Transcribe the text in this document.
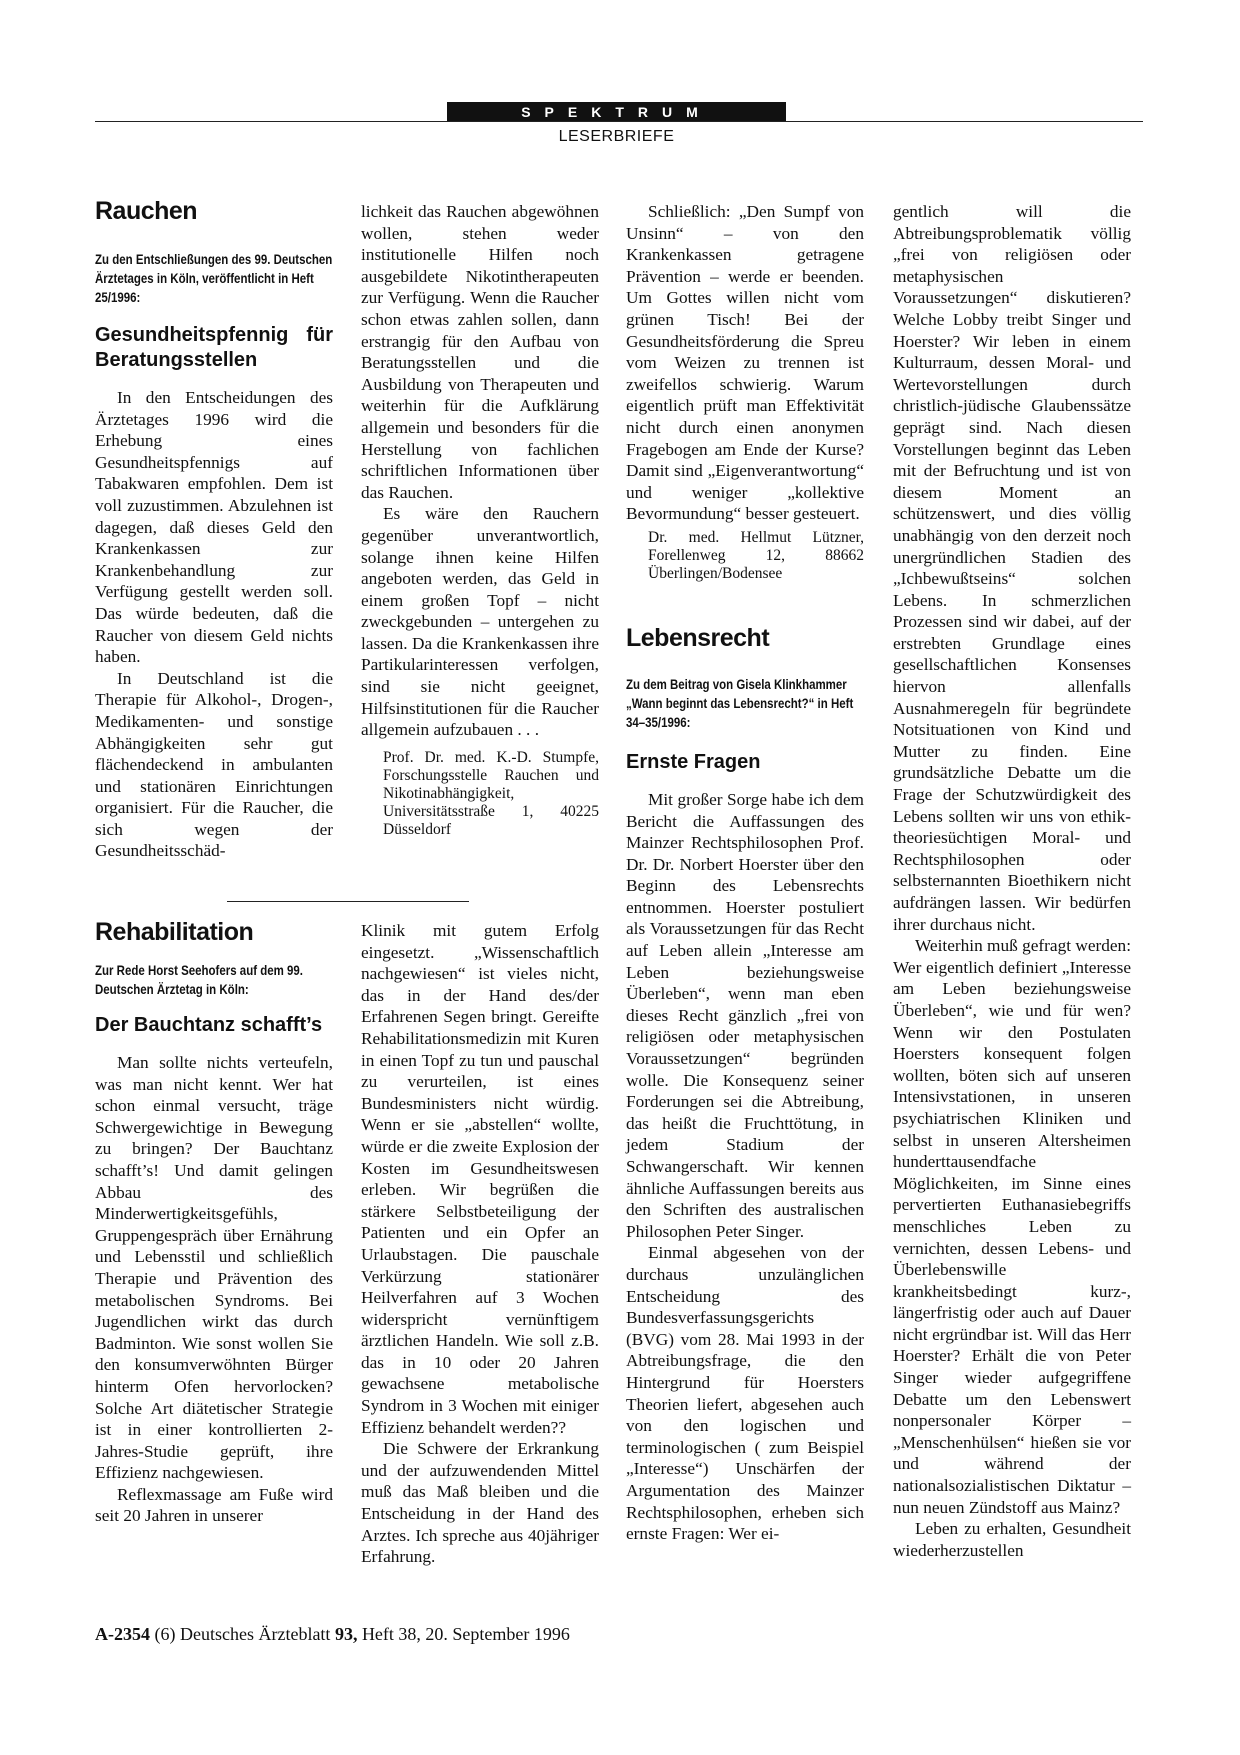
SPEKTRUM
LESERBRIEFE
Rauchen
Zu den Entschließungen des 99. Deutschen Ärztetages in Köln, veröffentlicht in Heft 25/1996:
Gesundheitspfennig für Beratungsstellen

In den Entscheidungen des Ärztetages 1996 wird die Erhebung eines Gesundheitspfennigs auf Tabakwaren empfohlen. Dem ist voll zuzustimmen. Abzulehnen ist dagegen, daß dieses Geld den Krankenkassen zur Krankenbehandlung zur Verfügung gestellt werden soll. Das würde bedeuten, daß die Raucher von diesem Geld nichts haben.

In Deutschland ist die Therapie für Alkohol-, Drogen-, Medikamenten- und sonstige Abhängigkeiten sehr gut flächendeckend in ambulanten und stationären Einrichtungen organisiert. Für die Raucher, die sich wegen der Gesundheitsschäd-

lichkeit das Rauchen abgewöhnen wollen, stehen weder institutionelle Hilfen noch ausgebildete Nikotintherapeuten zur Verfügung. Wenn die Raucher schon etwas zahlen sollen, dann erstrangig für den Aufbau von Beratungsstellen und die Ausbildung von Therapeuten und weiterhin für die Aufklärung allgemein und besonders für die Herstellung von fachlichen schriftlichen Informationen über das Rauchen.

Es wäre den Rauchern gegenüber unverantwortlich, solange ihnen keine Hilfen angeboten werden, das Geld in einem großen Topf – nicht zweckgebunden – untergehen zu lassen. Da die Krankenkassen ihre Partikularinteressen verfolgen, sind sie nicht geeignet, Hilfsinstitutionen für die Raucher allgemein aufzubauen . . .

Prof. Dr. med. K.-D. Stumpfe, Forschungsstelle Rauchen und Nikotinabhängigkeit, Universitätsstraße 1, 40225 Düsseldorf
Rehabilitation
Zur Rede Horst Seehofers auf dem 99. Deutschen Ärztetag in Köln:
Der Bauchtanz schafft’s

Man sollte nichts verteufeln, was man nicht kennt. Wer hat schon einmal versucht, träge Schwergewichtige in Bewegung zu bringen? Der Bauchtanz schafft’s! Und damit gelingen Abbau des Minderwertigkeitsgefühls, Gruppengespräch über Ernährung und Lebensstil und schließlich Therapie und Prävention des metabolischen Syndroms. Bei Jugendlichen wirkt das durch Badminton. Wie sonst wollen Sie den konsumverwöhnten Bürger hinterm Ofen hervorlocken? Solche Art diätetischer Strategie ist in einer kontrollierten 2-Jahres-Studie geprüft, ihre Effizienz nachgewiesen.

Reflexmassage am Fuße wird seit 20 Jahren in unserer

Klinik mit gutem Erfolg eingesetzt. „Wissenschaftlich nachgewiesen“ ist vieles nicht, das in der Hand des/der Erfahrenen Segen bringt. Gereifte Rehabilitationsmedizin mit Kuren in einen Topf zu tun und pauschal zu verurteilen, ist eines Bundesministers nicht würdig. Wenn er sie „abstellen“ wollte, würde er die zweite Explosion der Kosten im Gesundheitswesen erleben. Wir begrüßen die stärkere Selbstbeteiligung der Patienten und ein Opfer an Urlaubstagen. Die pauschale Verkürzung stationärer Heilverfahren auf 3 Wochen widerspricht vernünftigem ärztlichen Handeln. Wie soll z.B. das in 10 oder 20 Jahren gewachsene metabolische Syndrom in 3 Wochen mit einiger Effizienz behandelt werden??

Die Schwere der Erkrankung und der aufzuwendenden Mittel muß das Maß bleiben und die Entscheidung in der Hand des Arztes. Ich spreche aus 40jähriger Erfahrung.

Schließlich: „Den Sumpf von Unsinn“ – von den Krankenkassen getragene Prävention – werde er beenden. Um Gottes willen nicht vom grünen Tisch! Bei der Gesundheitsförderung die Spreu vom Weizen zu trennen ist zweifellos schwierig. Warum eigentlich prüft man Effektivität nicht durch einen anonymen Fragebogen am Ende der Kurse? Damit sind „Eigenverantwortung“ und weniger „kollektive Bevormundung“ besser gesteuert.

Dr. med. Hellmut Lützner, Forellenweg 12, 88662 Überlingen/Bodensee
Lebensrecht
Zu dem Beitrag von Gisela Klinkhammer „Wann beginnt das Lebensrecht?“ in Heft 34–35/1996:
Ernste Fragen

Mit großer Sorge habe ich dem Bericht die Auffassungen des Mainzer Rechtsphilosophen Prof. Dr. Dr. Norbert Hoerster über den Beginn des Lebensrechts entnommen. Hoerster postuliert als Voraussetzungen für das Recht auf Leben allein „Interesse am Leben beziehungsweise Überleben“, wenn man eben dieses Recht gänzlich „frei von religiösen oder metaphysischen Voraussetzungen“ begründen wolle. Die Konsequenz seiner Forderungen sei die Abtreibung, das heißt die Fruchttötung, in jedem Stadium der Schwangerschaft. Wir kennen ähnliche Auffassungen bereits aus den Schriften des australischen Philosophen Peter Singer.

Einmal abgesehen von der durchaus unzulänglichen Entscheidung des Bundesverfassungsgerichts (BVG) vom 28. Mai 1993 in der Abtreibungsfrage, die den Hintergrund für Hoersters Theorien liefert, abgesehen auch von den logischen und terminologischen ( zum Beispiel „Interesse“) Unschärfen der Argumentation des Mainzer Rechtsphilosophen, erheben sich ernste Fragen: Wer ei-

gentlich will die Abtreibungsproblematik völlig „frei von religiösen oder metaphysischen Voraussetzungen“ diskutieren? Welche Lobby treibt Singer und Hoerster? Wir leben in einem Kulturraum, dessen Moral- und Wertevorstellungen durch christlich-jüdische Glaubenssätze geprägt sind. Nach diesen Vorstellungen beginnt das Leben mit der Befruchtung und ist von diesem Moment an schützenswert, und dies völlig unabhängig von den derzeit noch unergründlichen Stadien des „Ichbewußtseins“ solchen Lebens. In schmerzlichen Prozessen sind wir dabei, auf der erstrebten Grundlage eines gesellschaftlichen Konsenses hiervon allenfalls Ausnahmeregeln für begründete Notsituationen von Kind und Mutter zu finden. Eine grundsätzliche Debatte um die Frage der Schutzwürdigkeit des Lebens sollten wir uns von ethik-theoriesüchtigen Moral- und Rechtsphilosophen oder selbsternannten Bioethikern nicht aufdrängen lassen. Wir bedürfen ihrer durchaus nicht.

Weiterhin muß gefragt werden: Wer eigentlich definiert „Interesse am Leben beziehungsweise Überleben“, wie und für wen? Wenn wir den Postulaten Hoersters konsequent folgen wollten, böten sich auf unseren Intensivstationen, in unseren psychiatrischen Kliniken und selbst in unseren Altersheimen hunderttausendfache Möglichkeiten, im Sinne eines pervertierten Euthanasiebegriffs menschliches Leben zu vernichten, dessen Lebens- und Überlebenswille krankheitsbedingt kurz-, längerfristig oder auch auf Dauer nicht ergründbar ist. Will das Herr Hoerster? Erhält die von Peter Singer wieder aufgegriffene Debatte um den Lebenswert nonpersonaler Körper – „Menschenhülsen“ hießen sie vor und während der nationalsozialistischen Diktatur – nun neuen Zündstoff aus Mainz?

Leben zu erhalten, Gesundheit wiederherzustellen

A-2354 (6) Deutsches Ärzteblatt 93, Heft 38, 20. September 1996
